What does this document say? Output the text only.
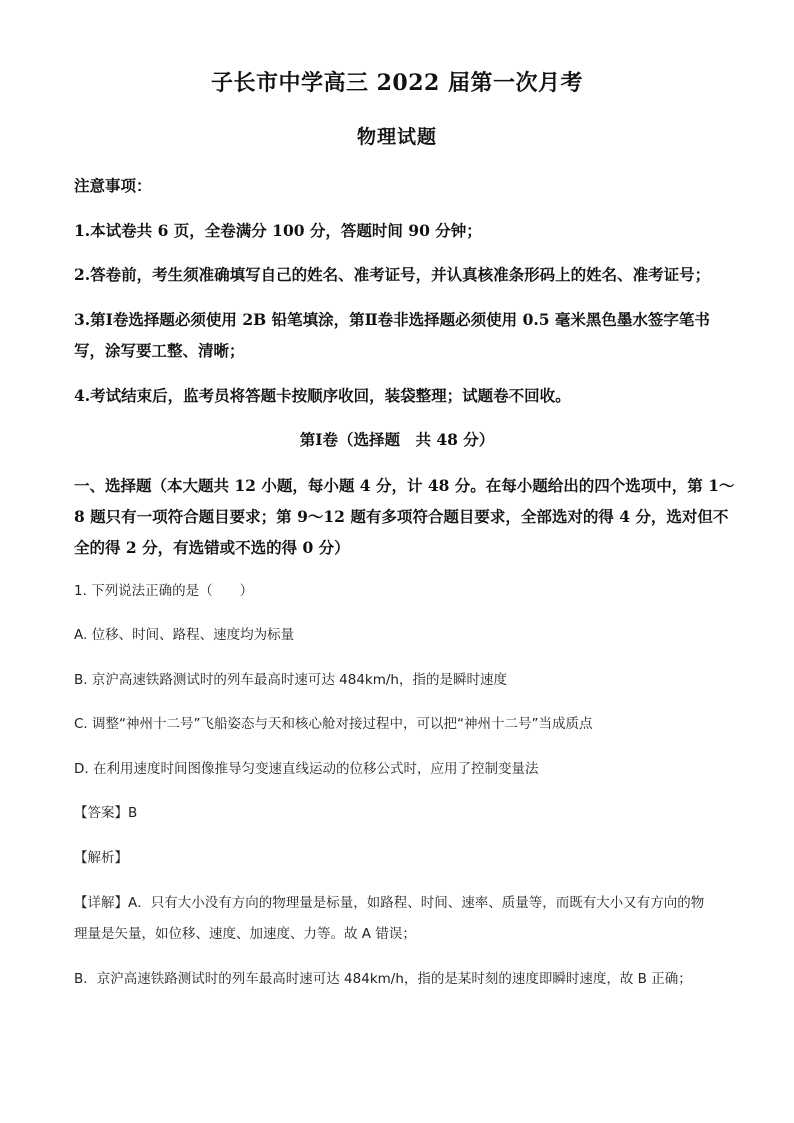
子长市中学高三 2022 届第一次月考
物理试题
注意事项：
1.本试卷共 6 页，全卷满分 100 分，答题时间 90 分钟；
2.答卷前，考生须准确填写自己的姓名、准考证号，并认真核准条形码上的姓名、准考证号；
3.第Ⅰ卷选择题必须使用 2B 铅笔填涂，第Ⅱ卷非选择题必须使用 0.5 毫米黑色墨水签字笔书
写，涂写要工整、清晰；
4.考试结束后，监考员将答题卡按顺序收回，装袋整理；试题卷不回收。
第Ⅰ卷（选择题　共 48 分）
一、选择题（本大题共 12 小题，每小题 4 分，计 48 分。在每小题给出的四个选项中，第 1～
8 题只有一项符合题目要求；第 9～12 题有多项符合题目要求，全部选对的得 4 分，选对但不
全的得 2 分，有选错或不选的得 0 分）
1. 下列说法正确的是（　　）
A. 位移、时间、路程、速度均为标量
B. 京沪高速铁路测试时的列车最高时速可达 484km/h，指的是瞬时速度
C. 调整“神州十二号”飞船姿态与天和核心舱对接过程中，可以把“神州十二号”当成质点
D. 在利用速度时间图像推导匀变速直线运动的位移公式时，应用了控制变量法
【答案】B
【解析】
【详解】A．只有大小没有方向的物理量是标量，如路程、时间、速率、质量等，而既有大小又有方向的物
理量是矢量，如位移、速度、加速度、力等。故 A 错误；
B．京沪高速铁路测试时的列车最高时速可达 484km/h，指的是某时刻的速度即瞬时速度，故 B 正确；
